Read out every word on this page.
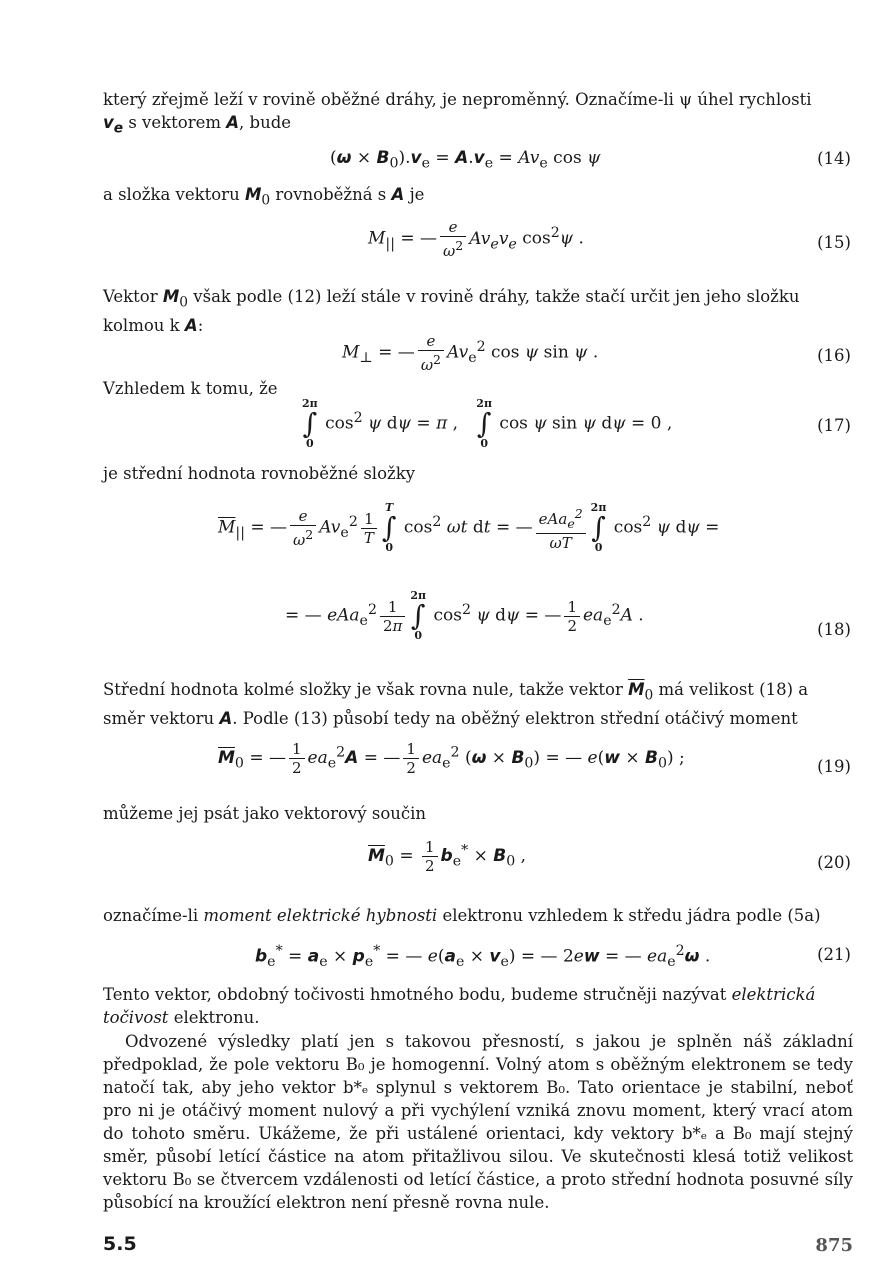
který zřejmě leží v rovině oběžné dráhy, je neproměnný. Označíme-li ψ úhel rychlosti
$v_e$ s vektorem A, bude
$(\omega \times B_0).v_e = A.v_e = Av_e$ cos ψ	(14)
a složka vektoru $M_0$ rovnoběžná s A je
$M_{||}$ = — $\frac{e}{\omega^2} Av_ev_e$ $\cos^2\psi$ .	(15)
Vektor $M_0$ však podle (12) leží stále v rovině dráhy, takže stačí určit jen jeho složku kolmou k A:
$M_\perp$ = — $\frac{e}{\omega^2} Av_e^2$ cos ψ sin ψ .	(16)
Vzhledem k tomu, že
2π
∫
0
$\cos^2 \psi$ dψ = π ,
2π
∫
0
cos ψ sin ψ dψ = 0 ,	(17)
je střední hodnota rovnoběžné složky
$\overline{M}_{||}$ = — $\frac{e}{\omega^2} Av_e^2 \frac{1}{T}$
T
∫
0
$\cos^2 \omega t$ dt = — $\frac{eAa_e^2}{\omega T} 2\pi$
∫
0
$\cos^2 \psi$ dψ =
= — $eAa_e^2 \frac{1}{2\pi}$
2π
∫
0
$\cos^2 \psi$ dψ = — $\frac{1}{2} ea_e^2A$ .
(18)
Střední hodnota kolmé složky je však rovna nule, takže vektor $\overline{M}_0$ má velikost (18) a směr vektoru A. Podle (13) působí tedy na oběžný elektron střední otáčivý moment
$\overline{M}_0$ = — $\frac{1}{2} ea_e^2A$ = — $\frac{1}{2} ea_e^2$ $(\omega \times B_0)$ = — $e(w \times B_0)$ ;	(19)
můžeme jej psát jako vektorový součin
$\overline{M}_0 = \frac{1}{2} b_e^* \times B_0$ ,	(20)
označíme-li moment elektrické hybnosti elektronu vzhledem k středu jádra podle (5a)
$b_e^* = a_e \times p_e^*$ = — $e(a_e \times v_e)$ = — 2ew = — $ea_e^2\omega$ .	(21)
Tento vektor, obdobný točivosti hmotného bodu, budeme stručněji nazývat elektrická točivost elektronu.
Odvozené výsledky platí jen s takovou přesností, s jakou je splněn náš základní předpoklad, že pole vektoru B₀ je homogenní. Volný atom s oběžným elektronem se tedy natočí tak, aby jeho vektor b*ₑ splynul s vektorem B₀. Tato orientace je stabilní, neboť pro ni je otáčivý moment nulový a při vychýlení vzniká znovu moment, který vrací atom do tohoto směru. Ukážeme, že při ustálené orientaci, kdy vektory b*ₑ a B₀ mají stejný směr, působí letící částice na atom přitažlivou silou. Ve skutečnosti klesá totiž velikost vektoru B₀ se čtvercem vzdálenosti od letící částice, a proto střední hodnota posuvné síly působící na kroužící elektron není přesně rovna nule.
5.5	875
